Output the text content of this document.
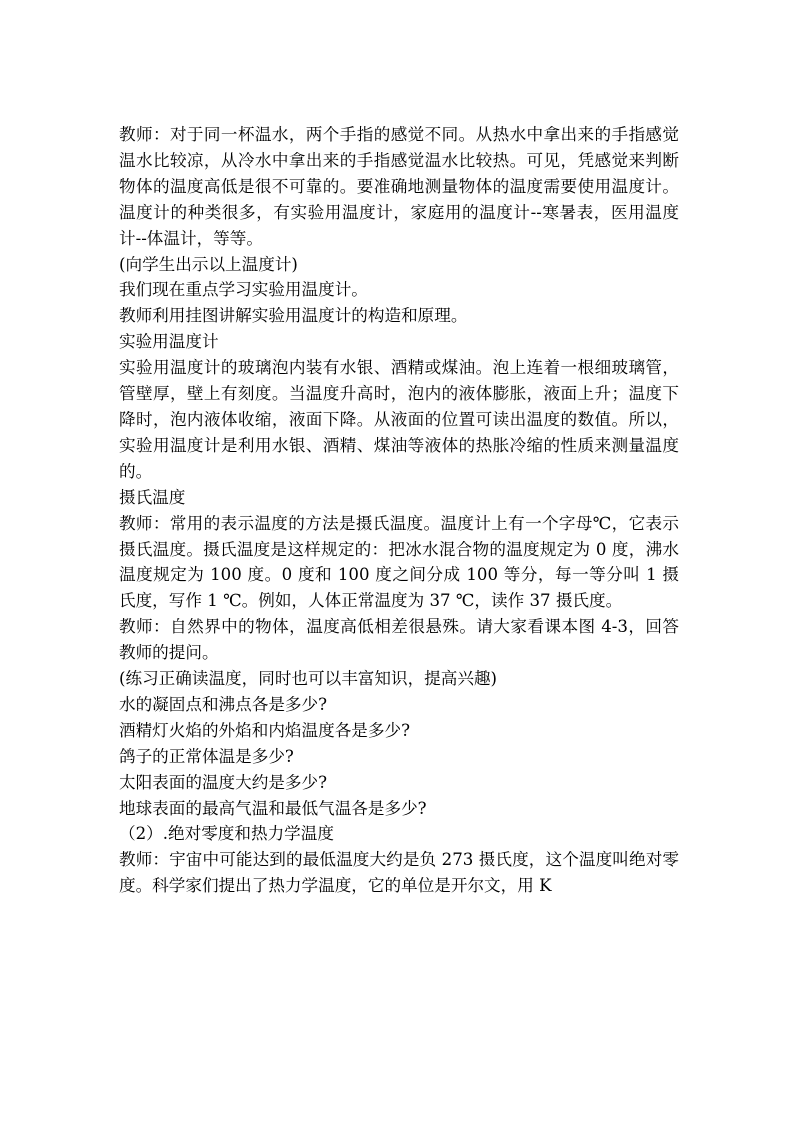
教师：对于同一杯温水，两个手指的感觉不同。从热水中拿出来的手指感觉温水比较凉，从冷水中拿出来的手指感觉温水比较热。可见，凭感觉来判断物体的温度高低是很不可靠的。要准确地测量物体的温度需要使用温度计。温度计的种类很多，有实验用温度计，家庭用的温度计--寒暑表，医用温度计--体温计，等等。

(向学生出示以上温度计)

我们现在重点学习实验用温度计。

教师利用挂图讲解实验用温度计的构造和原理。

实验用温度计

实验用温度计的玻璃泡内装有水银、酒精或煤油。泡上连着一根细玻璃管，管壁厚，壁上有刻度。当温度升高时，泡内的液体膨胀，液面上升；温度下降时，泡内液体收缩，液面下降。从液面的位置可读出温度的数值。所以，实验用温度计是利用水银、酒精、煤油等液体的热胀冷缩的性质来测量温度的。

摄氏温度

教师：常用的表示温度的方法是摄氏温度。温度计上有一个字母℃，它表示摄氏温度。摄氏温度是这样规定的：把冰水混合物的温度规定为 0 度，沸水温度规定为 100 度。0 度和 100 度之间分成 100 等分，每一等分叫 1 摄氏度，写作 1 ℃。例如，人体正常温度为 37 ℃，读作 37 摄氏度。

教师：自然界中的物体，温度高低相差很悬殊。请大家看课本图 4-3，回答教师的提问。

(练习正确读温度，同时也可以丰富知识，提高兴趣)

水的凝固点和沸点各是多少?

酒精灯火焰的外焰和内焰温度各是多少?

鸽子的正常体温是多少?

太阳表面的温度大约是多少?

地球表面的最高气温和最低气温各是多少?

（2）.绝对零度和热力学温度

教师：宇宙中可能达到的最低温度大约是负 273 摄氏度，这个温度叫绝对零度。科学家们提出了热力学温度，它的单位是开尔文，用 K
